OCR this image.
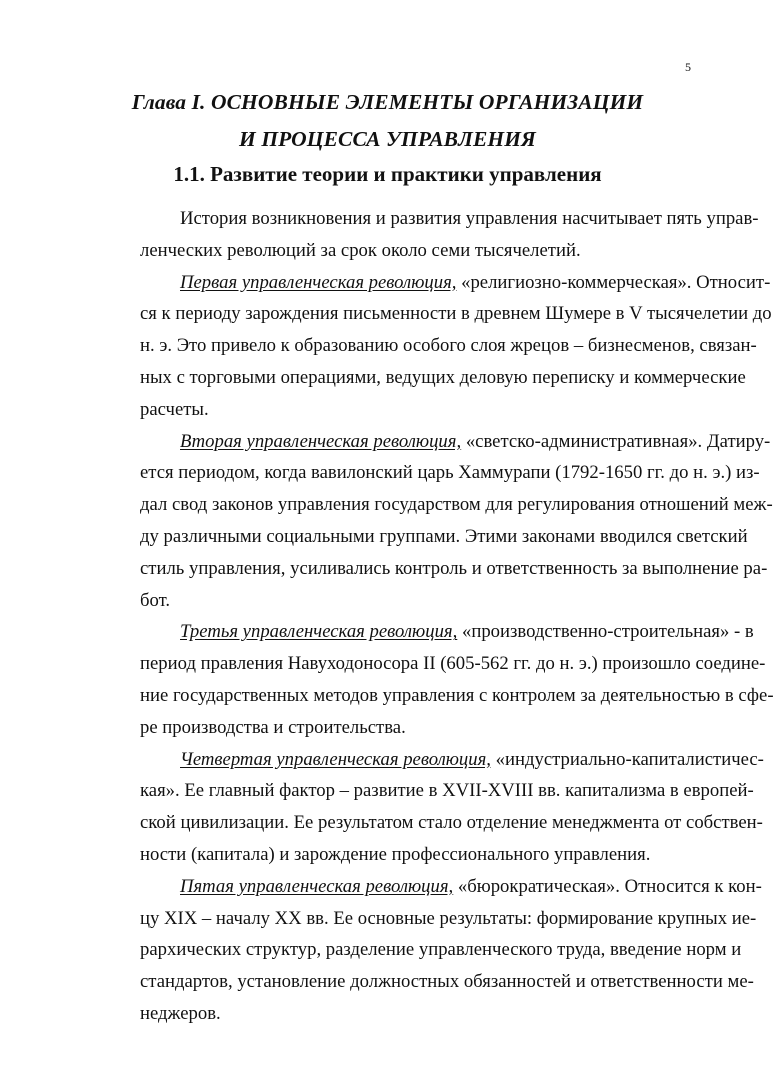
5
Глава I. ОСНОВНЫЕ ЭЛЕМЕНТЫ ОРГАНИЗАЦИИ
И ПРОЦЕССА УПРАВЛЕНИЯ
1.1. Развитие теории и практики управления
История возникновения и развития управления насчитывает пять управ-
ленческих революций за срок около семи тысячелетий.
Первая управленческая революция, «религиозно-коммерческая». Относит-
ся к периоду зарождения письменности в древнем Шумере в V тысячелетии до
н. э. Это привело к образованию особого слоя жрецов – бизнесменов, связан-
ных с торговыми операциями, ведущих деловую переписку и коммерческие
расчеты.
Вторая управленческая революция, «светско-административная». Датиру-
ется периодом, когда вавилонский царь Хаммурапи (1792-1650 гг. до н. э.) из-
дал свод законов управления государством для регулирования отношений меж-
ду различными социальными группами. Этими законами вводился светский
стиль управления, усиливались контроль и ответственность за выполнение ра-
бот.
Третья управленческая революция, «производственно-строительная» - в
период правления Навуходоносора II (605-562 гг. до н. э.) произошло соедине-
ние государственных методов управления с контролем за деятельностью в сфе-
ре производства и строительства.
Четвертая управленческая революция, «индустриально-капиталистичес-
кая». Ее главный фактор – развитие в XVII-XVIII вв. капитализма в европей-
ской цивилизации. Ее результатом стало отделение менеджмента от собствен-
ности (капитала) и зарождение профессионального управления.
Пятая управленческая революция, «бюрократическая». Относится к кон-
цу XIX – началу XX вв. Ее основные результаты: формирование крупных ие-
рархических структур, разделение управленческого труда, введение норм и
стандартов, установление должностных обязанностей и ответственности ме-
неджеров.
